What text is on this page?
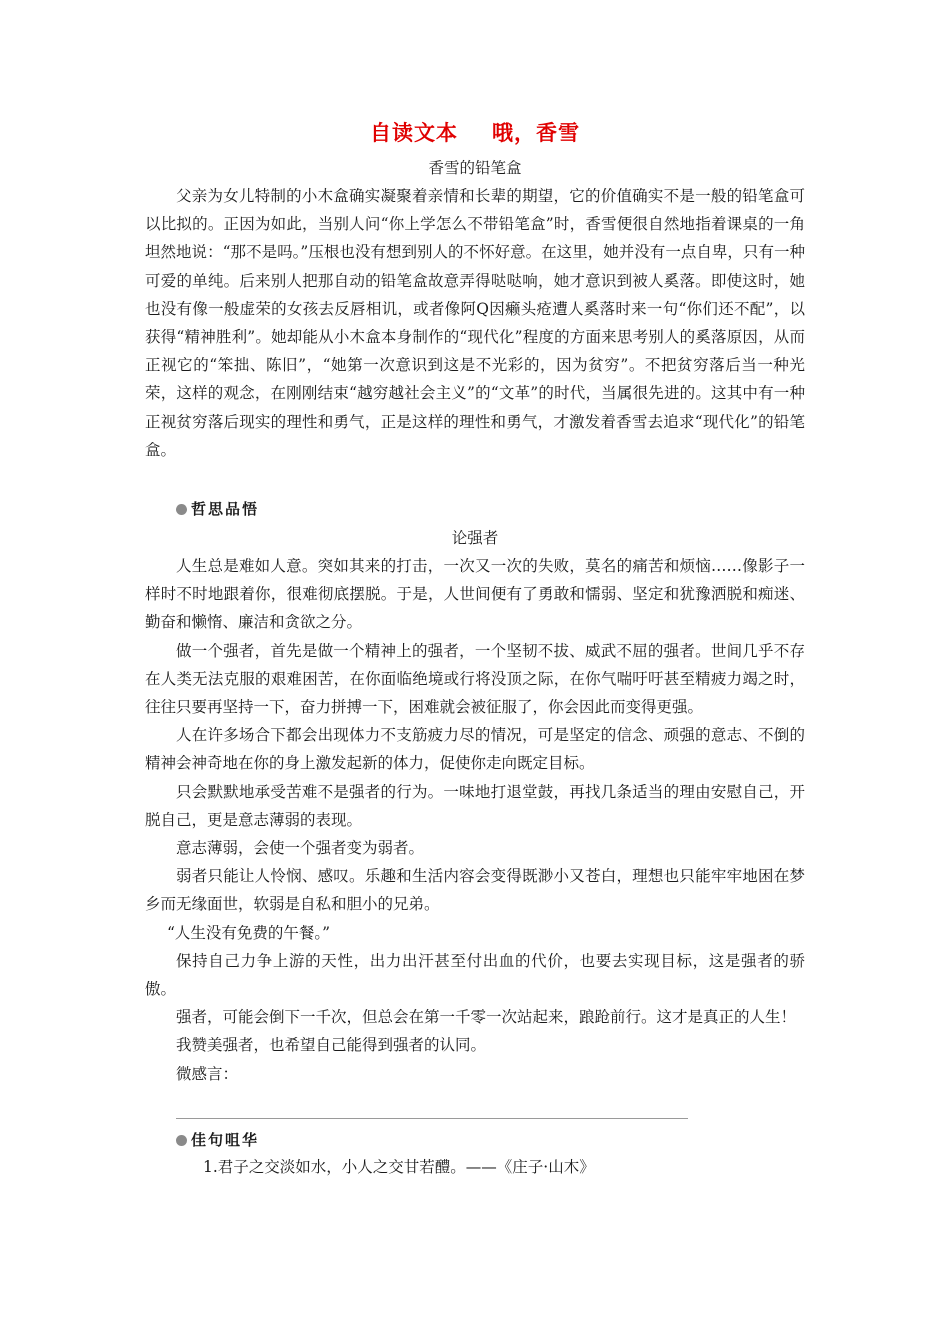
自读文本 哦，香雪
香雪的铅笔盒

父亲为女儿特制的小木盒确实凝聚着亲情和长辈的期望，它的价值确实不是一般的铅笔盒可以比拟的。正因为如此，当别人问“你上学怎么不带铅笔盒”时，香雪便很自然地指着课桌的一角坦然地说：“那不是吗。”压根也没有想到别人的不怀好意。在这里，她并没有一点自卑，只有一种可爱的单纯。后来别人把那自动的铅笔盒故意弄得哒哒响，她才意识到被人奚落。即使这时，她也没有像一般虚荣的女孩去反唇相讥，或者像阿Q因癞头疮遭人奚落时来一句“你们还不配”，以获得“精神胜利”。她却能从小木盒本身制作的“现代化”程度的方面来思考别人的奚落原因，从而正视它的“笨拙、陈旧”，“她第一次意识到这是不光彩的，因为贫穷”。不把贫穷落后当一种光荣，这样的观念，在刚刚结束“越穷越社会主义”的“文革”的时代，当属很先进的。这其中有一种正视贫穷落后现实的理性和勇气，正是这样的理性和勇气，才激发着香雪去追求“现代化”的铅笔盒。

哲思品悟
论强者

人生总是难如人意。突如其来的打击，一次又一次的失败，莫名的痛苦和烦恼……像影子一样时不时地跟着你，很难彻底摆脱。于是，人世间便有了勇敢和懦弱、坚定和犹豫洒脱和痴迷、勤奋和懒惰、廉洁和贪欲之分。

做一个强者，首先是做一个精神上的强者，一个坚韧不拔、威武不屈的强者。世间几乎不存在人类无法克服的艰难困苦，在你面临绝境或行将没顶之际，在你气喘吁吁甚至精疲力竭之时，往往只要再坚持一下，奋力拼搏一下，困难就会被征服了，你会因此而变得更强。

人在许多场合下都会出现体力不支筋疲力尽的情况，可是坚定的信念、顽强的意志、不倒的精神会神奇地在你的身上激发起新的体力，促使你走向既定目标。

只会默默地承受苦难不是强者的行为。一味地打退堂鼓，再找几条适当的理由安慰自己，开脱自己，更是意志薄弱的表现。

意志薄弱，会使一个强者变为弱者。

弱者只能让人怜悯、感叹。乐趣和生活内容会变得既渺小又苍白，理想也只能牢牢地困在梦乡而无缘面世，软弱是自私和胆小的兄弟。

“人生没有免费的午餐。”

保持自己力争上游的天性，出力出汗甚至付出血的代价，也要去实现目标，这是强者的骄傲。

强者，可能会倒下一千次，但总会在第一千零一次站起来，踉跄前行。这才是真正的人生！

我赞美强者，也希望自己能得到强者的认同。

微感言：

佳句咀华

1.君子之交淡如水，小人之交甘若醴。——《庄子·山木》
